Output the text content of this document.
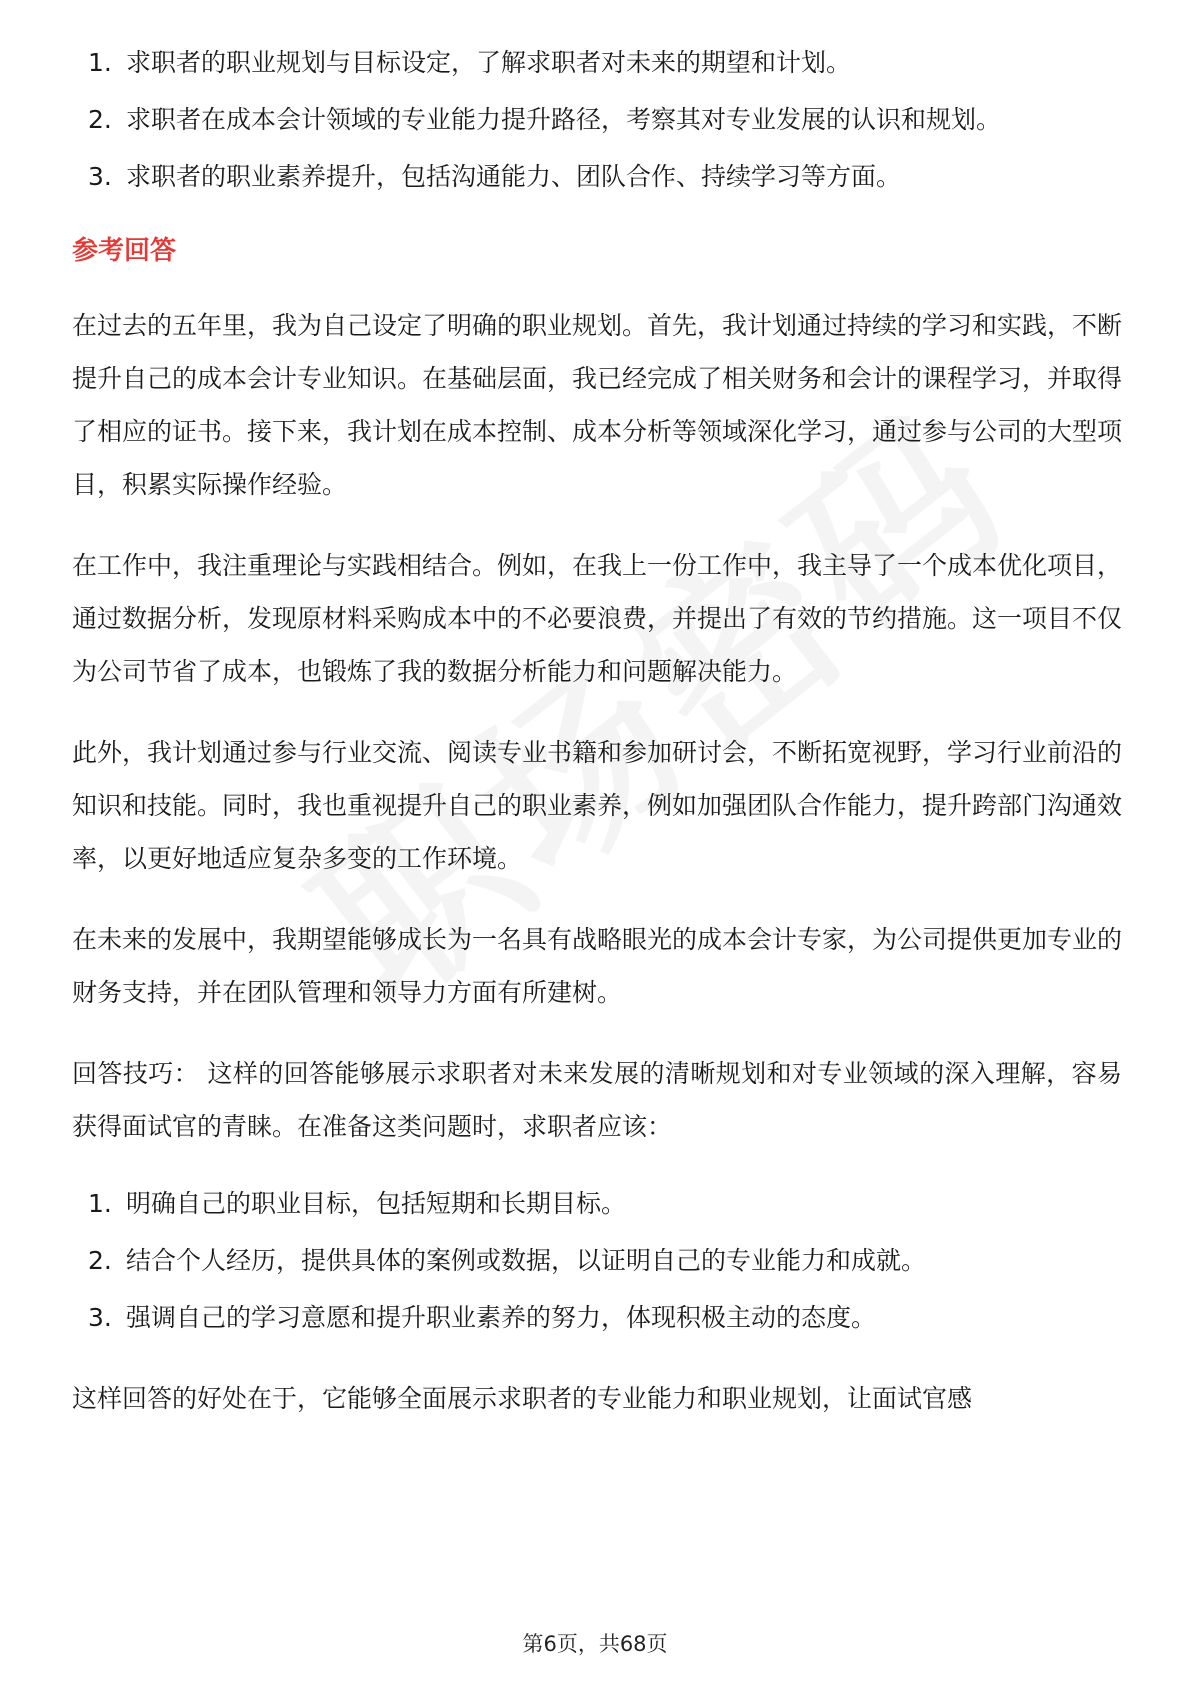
1. 求职者的职业规划与目标设定，了解求职者对未来的期望和计划。
2. 求职者在成本会计领域的专业能力提升路径，考察其对专业发展的认识和规划。
3. 求职者的职业素养提升，包括沟通能力、团队合作、持续学习等方面。
参考回答

在过去的五年里，我为自己设定了明确的职业规划。首先，我计划通过持续的学习和实践，不断提升自己的成本会计专业知识。在基础层面，我已经完成了相关财务和会计的课程学习，并取得了相应的证书。接下来，我计划在成本控制、成本分析等领域深化学习，通过参与公司的大型项目，积累实际操作经验。

在工作中，我注重理论与实践相结合。例如，在我上一份工作中，我主导了一个成本优化项目，通过数据分析，发现原材料采购成本中的不必要浪费，并提出了有效的节约措施。这一项目不仅为公司节省了成本，也锻炼了我的数据分析能力和问题解决能力。

此外，我计划通过参与行业交流、阅读专业书籍和参加研讨会，不断拓宽视野，学习行业前沿的知识和技能。同时，我也重视提升自己的职业素养，例如加强团队合作能力，提升跨部门沟通效率，以更好地适应复杂多变的工作环境。

在未来的发展中，我期望能够成长为一名具有战略眼光的成本会计专家，为公司提供更加专业的财务支持，并在团队管理和领导力方面有所建树。

回答技巧： 这样的回答能够展示求职者对未来发展的清晰规划和对专业领域的深入理解，容易获得面试官的青睐。在准备这类问题时，求职者应该：

1. 明确自己的职业目标，包括短期和长期目标。
2. 结合个人经历，提供具体的案例或数据，以证明自己的专业能力和成就。
3. 强调自己的学习意愿和提升职业素养的努力，体现积极主动的态度。

这样回答的好处在于，它能够全面展示求职者的专业能力和职业规划，让面试官感

第6页，共68页
